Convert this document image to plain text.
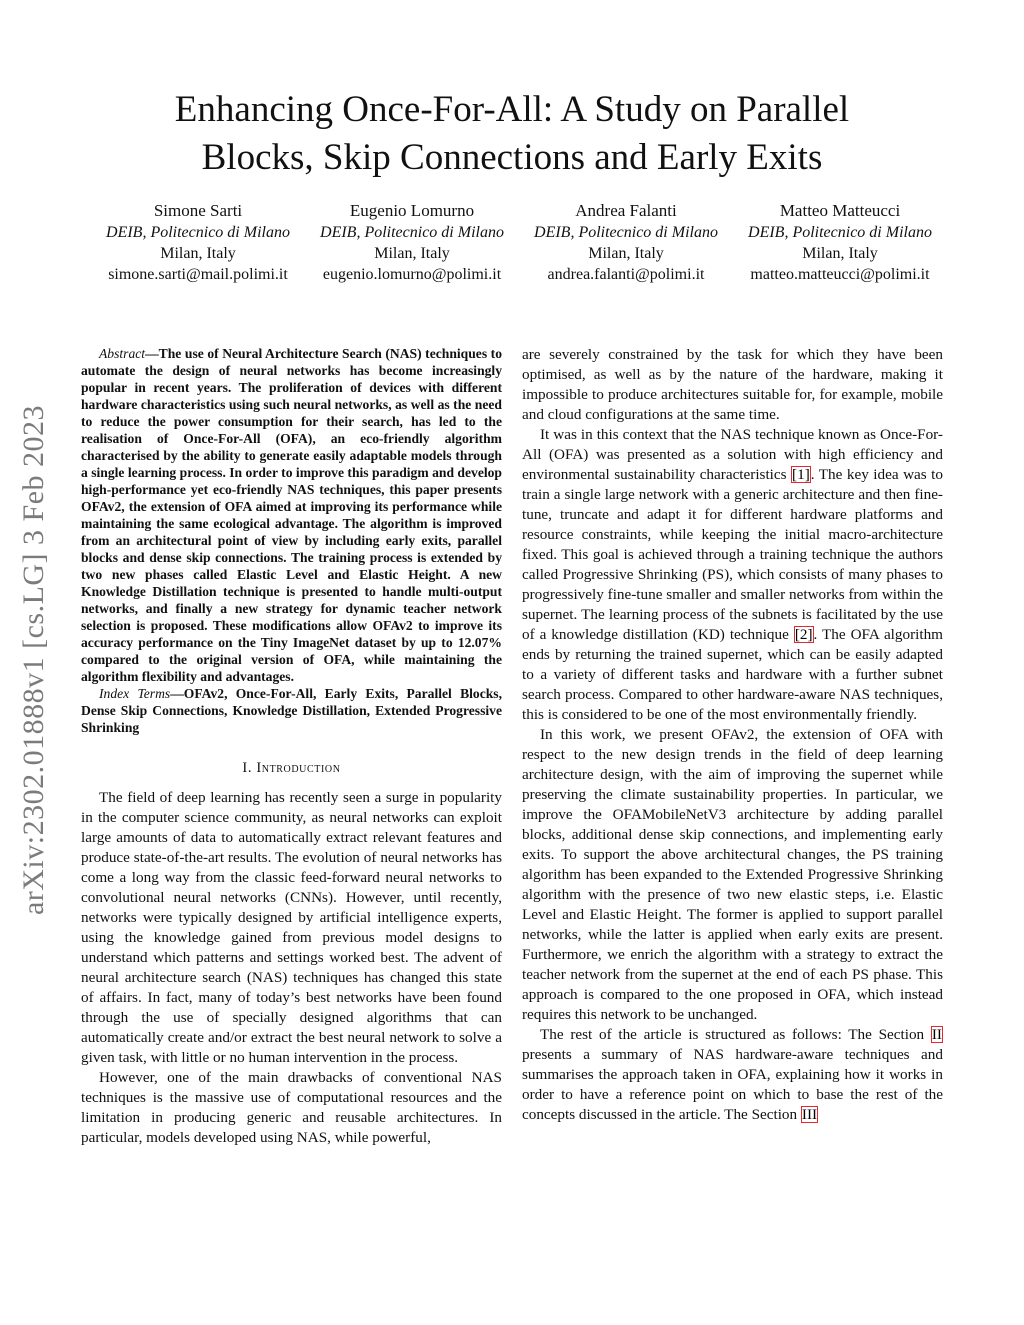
arXiv:2302.01888v1 [cs.LG] 3 Feb 2023
Enhancing Once-For-All: A Study on Parallel
Blocks, Skip Connections and Early Exits
Simone Sarti
DEIB, Politecnico di Milano
Milan, Italy
simone.sarti@mail.polimi.it
Eugenio Lomurno
DEIB, Politecnico di Milano
Milan, Italy
eugenio.lomurno@polimi.it
Andrea Falanti
DEIB, Politecnico di Milano
Milan, Italy
andrea.falanti@polimi.it
Matteo Matteucci
DEIB, Politecnico di Milano
Milan, Italy
matteo.matteucci@polimi.it

Abstract—The use of Neural Architecture Search (NAS) techniques to automate the design of neural networks has become increasingly popular in recent years. The proliferation of devices with different hardware characteristics using such neural networks, as well as the need to reduce the power consumption for their search, has led to the realisation of Once-For-All (OFA), an eco-friendly algorithm characterised by the ability to generate easily adaptable models through a single learning process. In order to improve this paradigm and develop high-performance yet eco-friendly NAS techniques, this paper presents OFAv2, the extension of OFA aimed at improving its performance while maintaining the same ecological advantage. The algorithm is improved from an architectural point of view by including early exits, parallel blocks and dense skip connections. The training process is extended by two new phases called Elastic Level and Elastic Height. A new Knowledge Distillation technique is presented to handle multi-output networks, and finally a new strategy for dynamic teacher network selection is proposed. These modifications allow OFAv2 to improve its accuracy performance on the Tiny ImageNet dataset by up to 12.07% compared to the original version of OFA, while maintaining the algorithm flexibility and advantages.

Index Terms—OFAv2, Once-For-All, Early Exits, Parallel Blocks, Dense Skip Connections, Knowledge Distillation, Extended Progressive Shrinking

I. Introduction

The field of deep learning has recently seen a surge in popularity in the computer science community, as neural networks can exploit large amounts of data to automatically extract relevant features and produce state-of-the-art results. The evolution of neural networks has come a long way from the classic feed-forward neural networks to convolutional neural networks (CNNs). However, until recently, networks were typically designed by artificial intelligence experts, using the knowledge gained from previous model designs to understand which patterns and settings worked best. The advent of neural architecture search (NAS) techniques has changed this state of affairs. In fact, many of today’s best networks have been found through the use of specially designed algorithms that can automatically create and/or extract the best neural network to solve a given task, with little or no human intervention in the process.

However, one of the main drawbacks of conventional NAS techniques is the massive use of computational resources and the limitation in producing generic and reusable architectures. In particular, models developed using NAS, while powerful,

are severely constrained by the task for which they have been optimised, as well as by the nature of the hardware, making it impossible to produce architectures suitable for, for example, mobile and cloud configurations at the same time.

It was in this context that the NAS technique known as Once-For-All (OFA) was presented as a solution with high efficiency and environmental sustainability characteristics [1]. The key idea was to train a single large network with a generic architecture and then fine-tune, truncate and adapt it for different hardware platforms and resource constraints, while keeping the initial macro-architecture fixed. This goal is achieved through a training technique the authors called Progressive Shrinking (PS), which consists of many phases to progressively fine-tune smaller and smaller networks from within the supernet. The learning process of the subnets is facilitated by the use of a knowledge distillation (KD) technique [2]. The OFA algorithm ends by returning the trained supernet, which can be easily adapted to a variety of different tasks and hardware with a further subnet search process. Compared to other hardware-aware NAS techniques, this is considered to be one of the most environmentally friendly.

In this work, we present OFAv2, the extension of OFA with respect to the new design trends in the field of deep learning architecture design, with the aim of improving the supernet while preserving the climate sustainability properties. In particular, we improve the OFAMobileNetV3 architecture by adding parallel blocks, additional dense skip connections, and implementing early exits. To support the above architectural changes, the PS training algorithm has been expanded to the Extended Progressive Shrinking algorithm with the presence of two new elastic steps, i.e. Elastic Level and Elastic Height. The former is applied to support parallel networks, while the latter is applied when early exits are present. Furthermore, we enrich the algorithm with a strategy to extract the teacher network from the supernet at the end of each PS phase. This approach is compared to the one proposed in OFA, which instead requires this network to be unchanged.

The rest of the article is structured as follows: The Section II presents a summary of NAS hardware-aware techniques and summarises the approach taken in OFA, explaining how it works in order to have a reference point on which to base the rest of the concepts discussed in the article. The Section III
